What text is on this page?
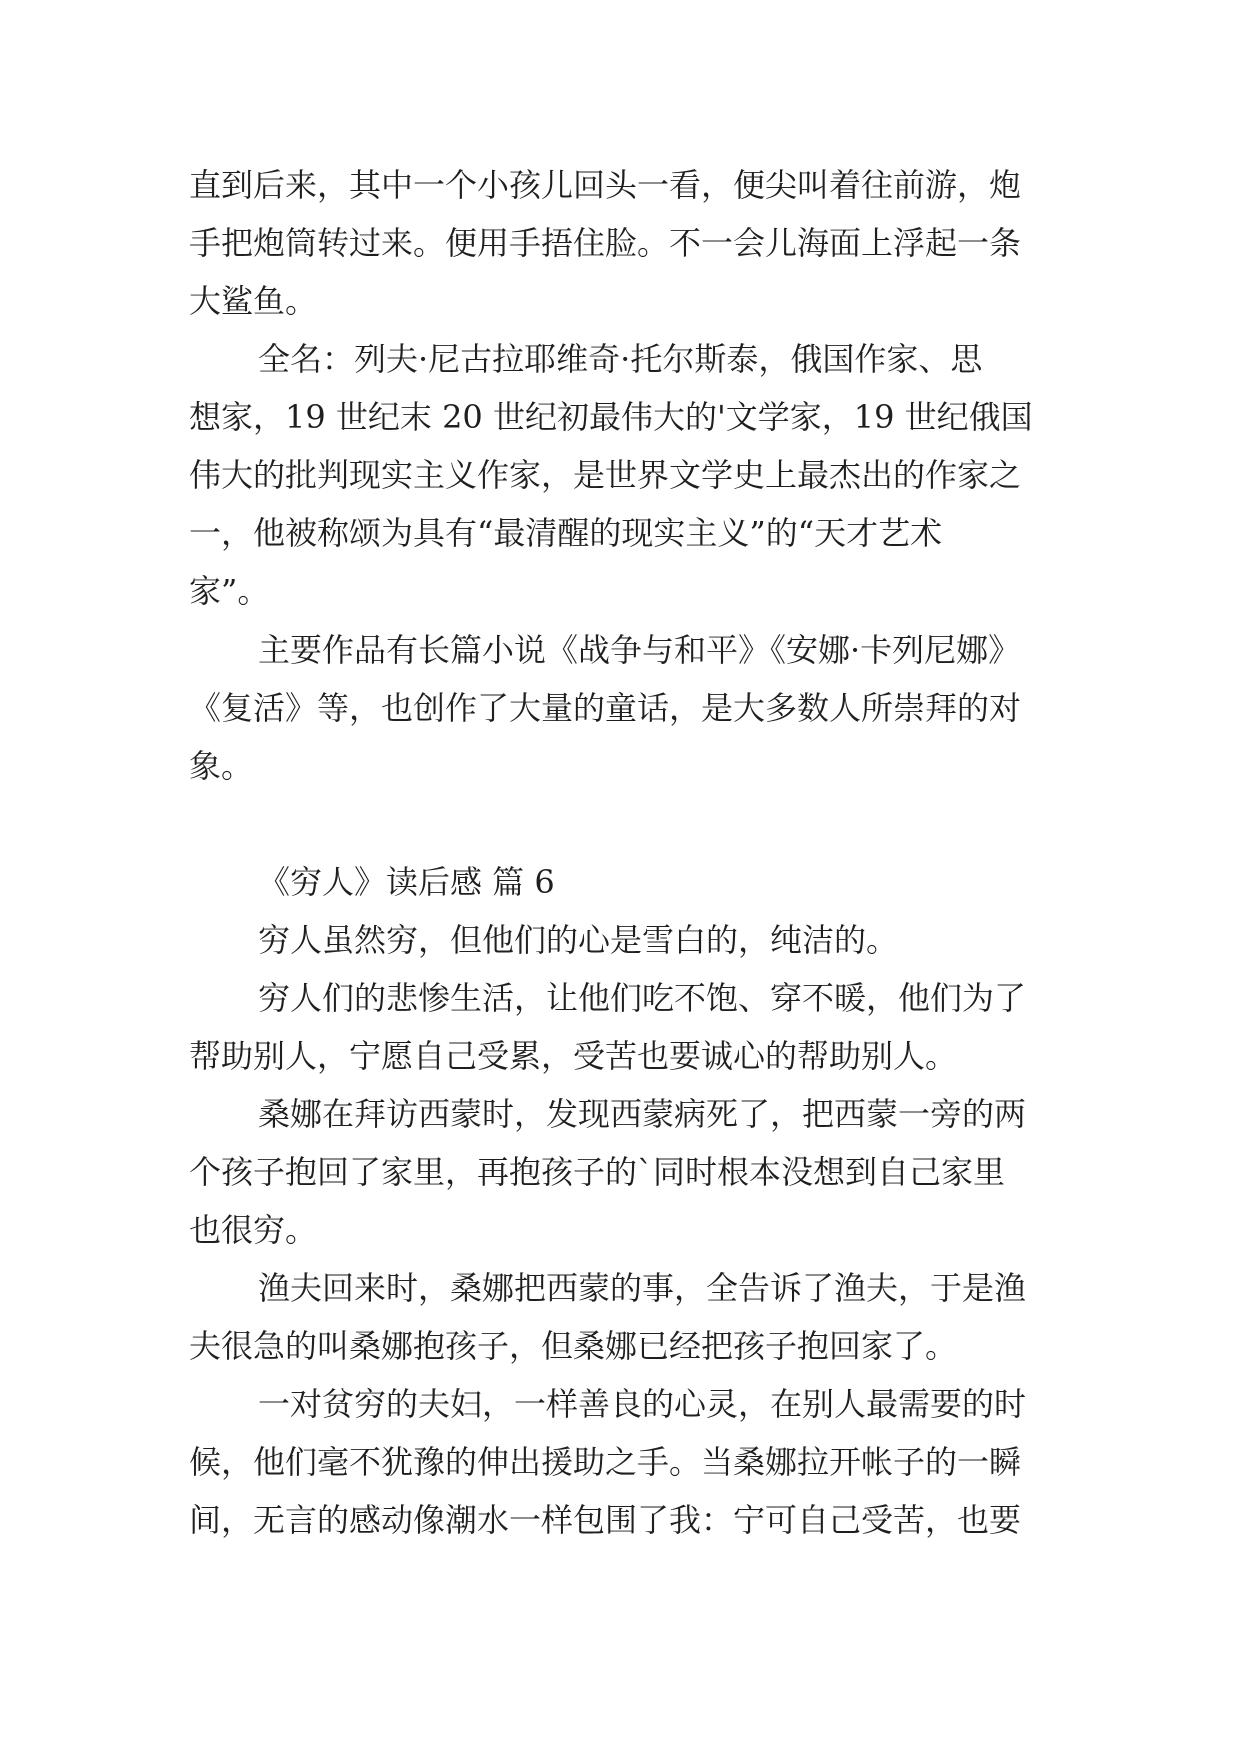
直到后来，其中一个小孩儿回头一看，便尖叫着往前游，炮

手把炮筒转过来。便用手捂住脸。不一会儿海面上浮起一条

大鲨鱼。

全名：列夫·尼古拉耶维奇·托尔斯泰，俄国作家、思

想家，19 世纪末 20 世纪初最伟大的'文学家，19 世纪俄国

伟大的批判现实主义作家，是世界文学史上最杰出的作家之

一，他被称颂为具有“最清醒的现实主义”的“天才艺术

家”。

主要作品有长篇小说《战争与和平》《安娜·卡列尼娜》

《复活》等，也创作了大量的童话，是大多数人所崇拜的对

象。

《穷人》读后感 篇 6

穷人虽然穷，但他们的心是雪白的，纯洁的。

穷人们的悲惨生活，让他们吃不饱、穿不暖，他们为了

帮助别人，宁愿自己受累，受苦也要诚心的帮助别人。

桑娜在拜访西蒙时，发现西蒙病死了，把西蒙一旁的两

个孩子抱回了家里，再抱孩子的`同时根本没想到自己家里

也很穷。

渔夫回来时，桑娜把西蒙的事，全告诉了渔夫，于是渔

夫很急的叫桑娜抱孩子，但桑娜已经把孩子抱回家了。

一对贫穷的夫妇，一样善良的心灵，在别人最需要的时

候，他们毫不犹豫的伸出援助之手。当桑娜拉开帐子的一瞬

间，无言的感动像潮水一样包围了我：宁可自己受苦，也要
